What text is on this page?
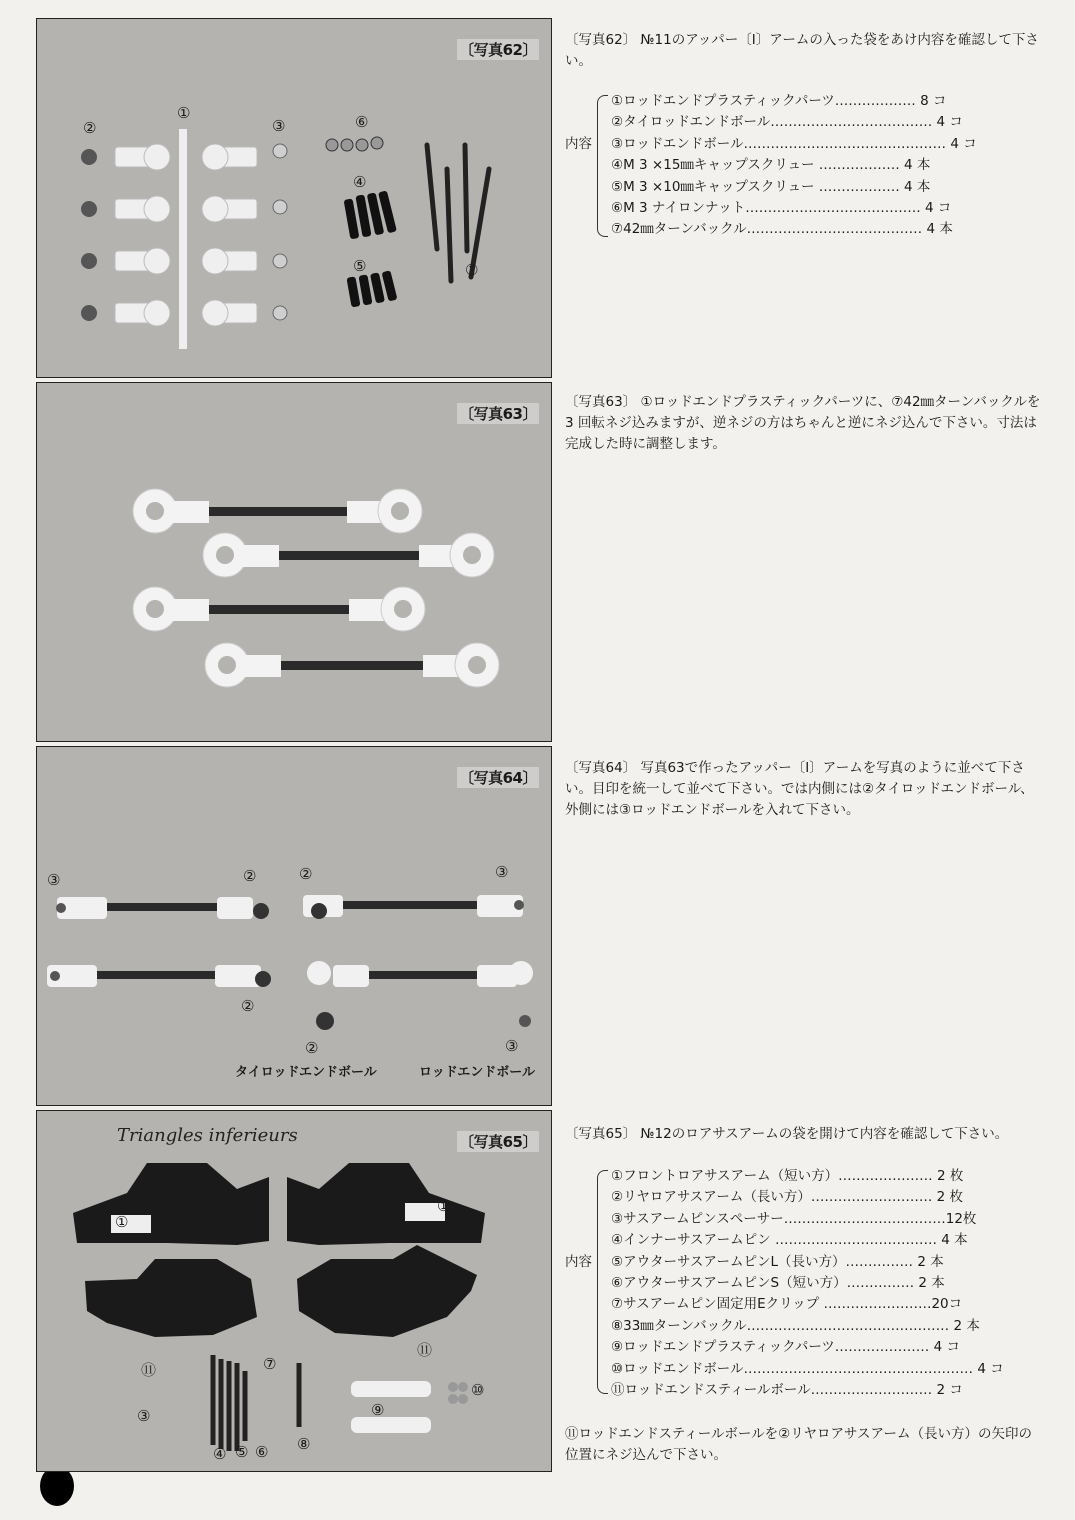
〔写真62〕
①
②	③
④
⑤
⑥
⑦
〔写真63〕
〔写真64〕
③	②	②	③
②
②	③
タイロッドエンドボール	ロッドエンドボール
Triangles inferieurs	〔写真65〕
①
①
②
②
⑪	⑦
⑪
⑩
③	⑨
⑧
④ ⑤ ⑥
〔写真62〕 №11のアッパー〔Ⅰ〕アームの入った袋をあけ内容を確認して下さい。
内容
①ロッドエンドプラスティックパーツ……………… 8 コ
②タイロッドエンドボール……………………………… 4 コ
③ロッドエンドボール……………………………………… 4 コ
④M 3 ×15㎜キャップスクリュー ……………… 4 本
⑤M 3 ×10㎜キャップスクリュー ……………… 4 本
⑥M 3 ナイロンナット………………………………… 4 コ
⑦42㎜ターンバックル………………………………… 4 本
〔写真63〕 ①ロッドエンドプラスティックパーツに、⑦42㎜ターンバックルを 3 回転ネジ込みますが、逆ネジの方はちゃんと逆にネジ込んで下さい。寸法は完成した時に調整します。
〔写真64〕 写真63で作ったアッパー〔Ⅰ〕アームを写真のように並べて下さい。目印を統一して並べて下さい。では内側には②タイロッドエンドボール、外側には③ロッドエンドボールを入れて下さい。
〔写真65〕 №12のロアサスアームの袋を開けて内容を確認して下さい。
内容
①フロントロアサスアーム（短い方）………………… 2 枚
②リヤロアサスアーム（長い方）……………………… 2 枚
③サスアームピンスペーサー………………………………12枚
④インナーサスアームピン ……………………………… 4 本
⑤アウターサスアームピンL（長い方）…………… 2 本
⑥アウターサスアームピンS（短い方）…………… 2 本
⑦サスアームピン固定用Eクリップ ……………………20コ
⑧33㎜ターンバックル……………………………………… 2 本
⑨ロッドエンドプラスティックパーツ………………… 4 コ
⑩ロッドエンドボール…………………………………………… 4 コ
⑪ロッドエンドスティールボール……………………… 2 コ
⑪ロッドエンドスティールボールを②リヤロアサスアーム（長い方）の矢印の位置にネジ込んで下さい。
